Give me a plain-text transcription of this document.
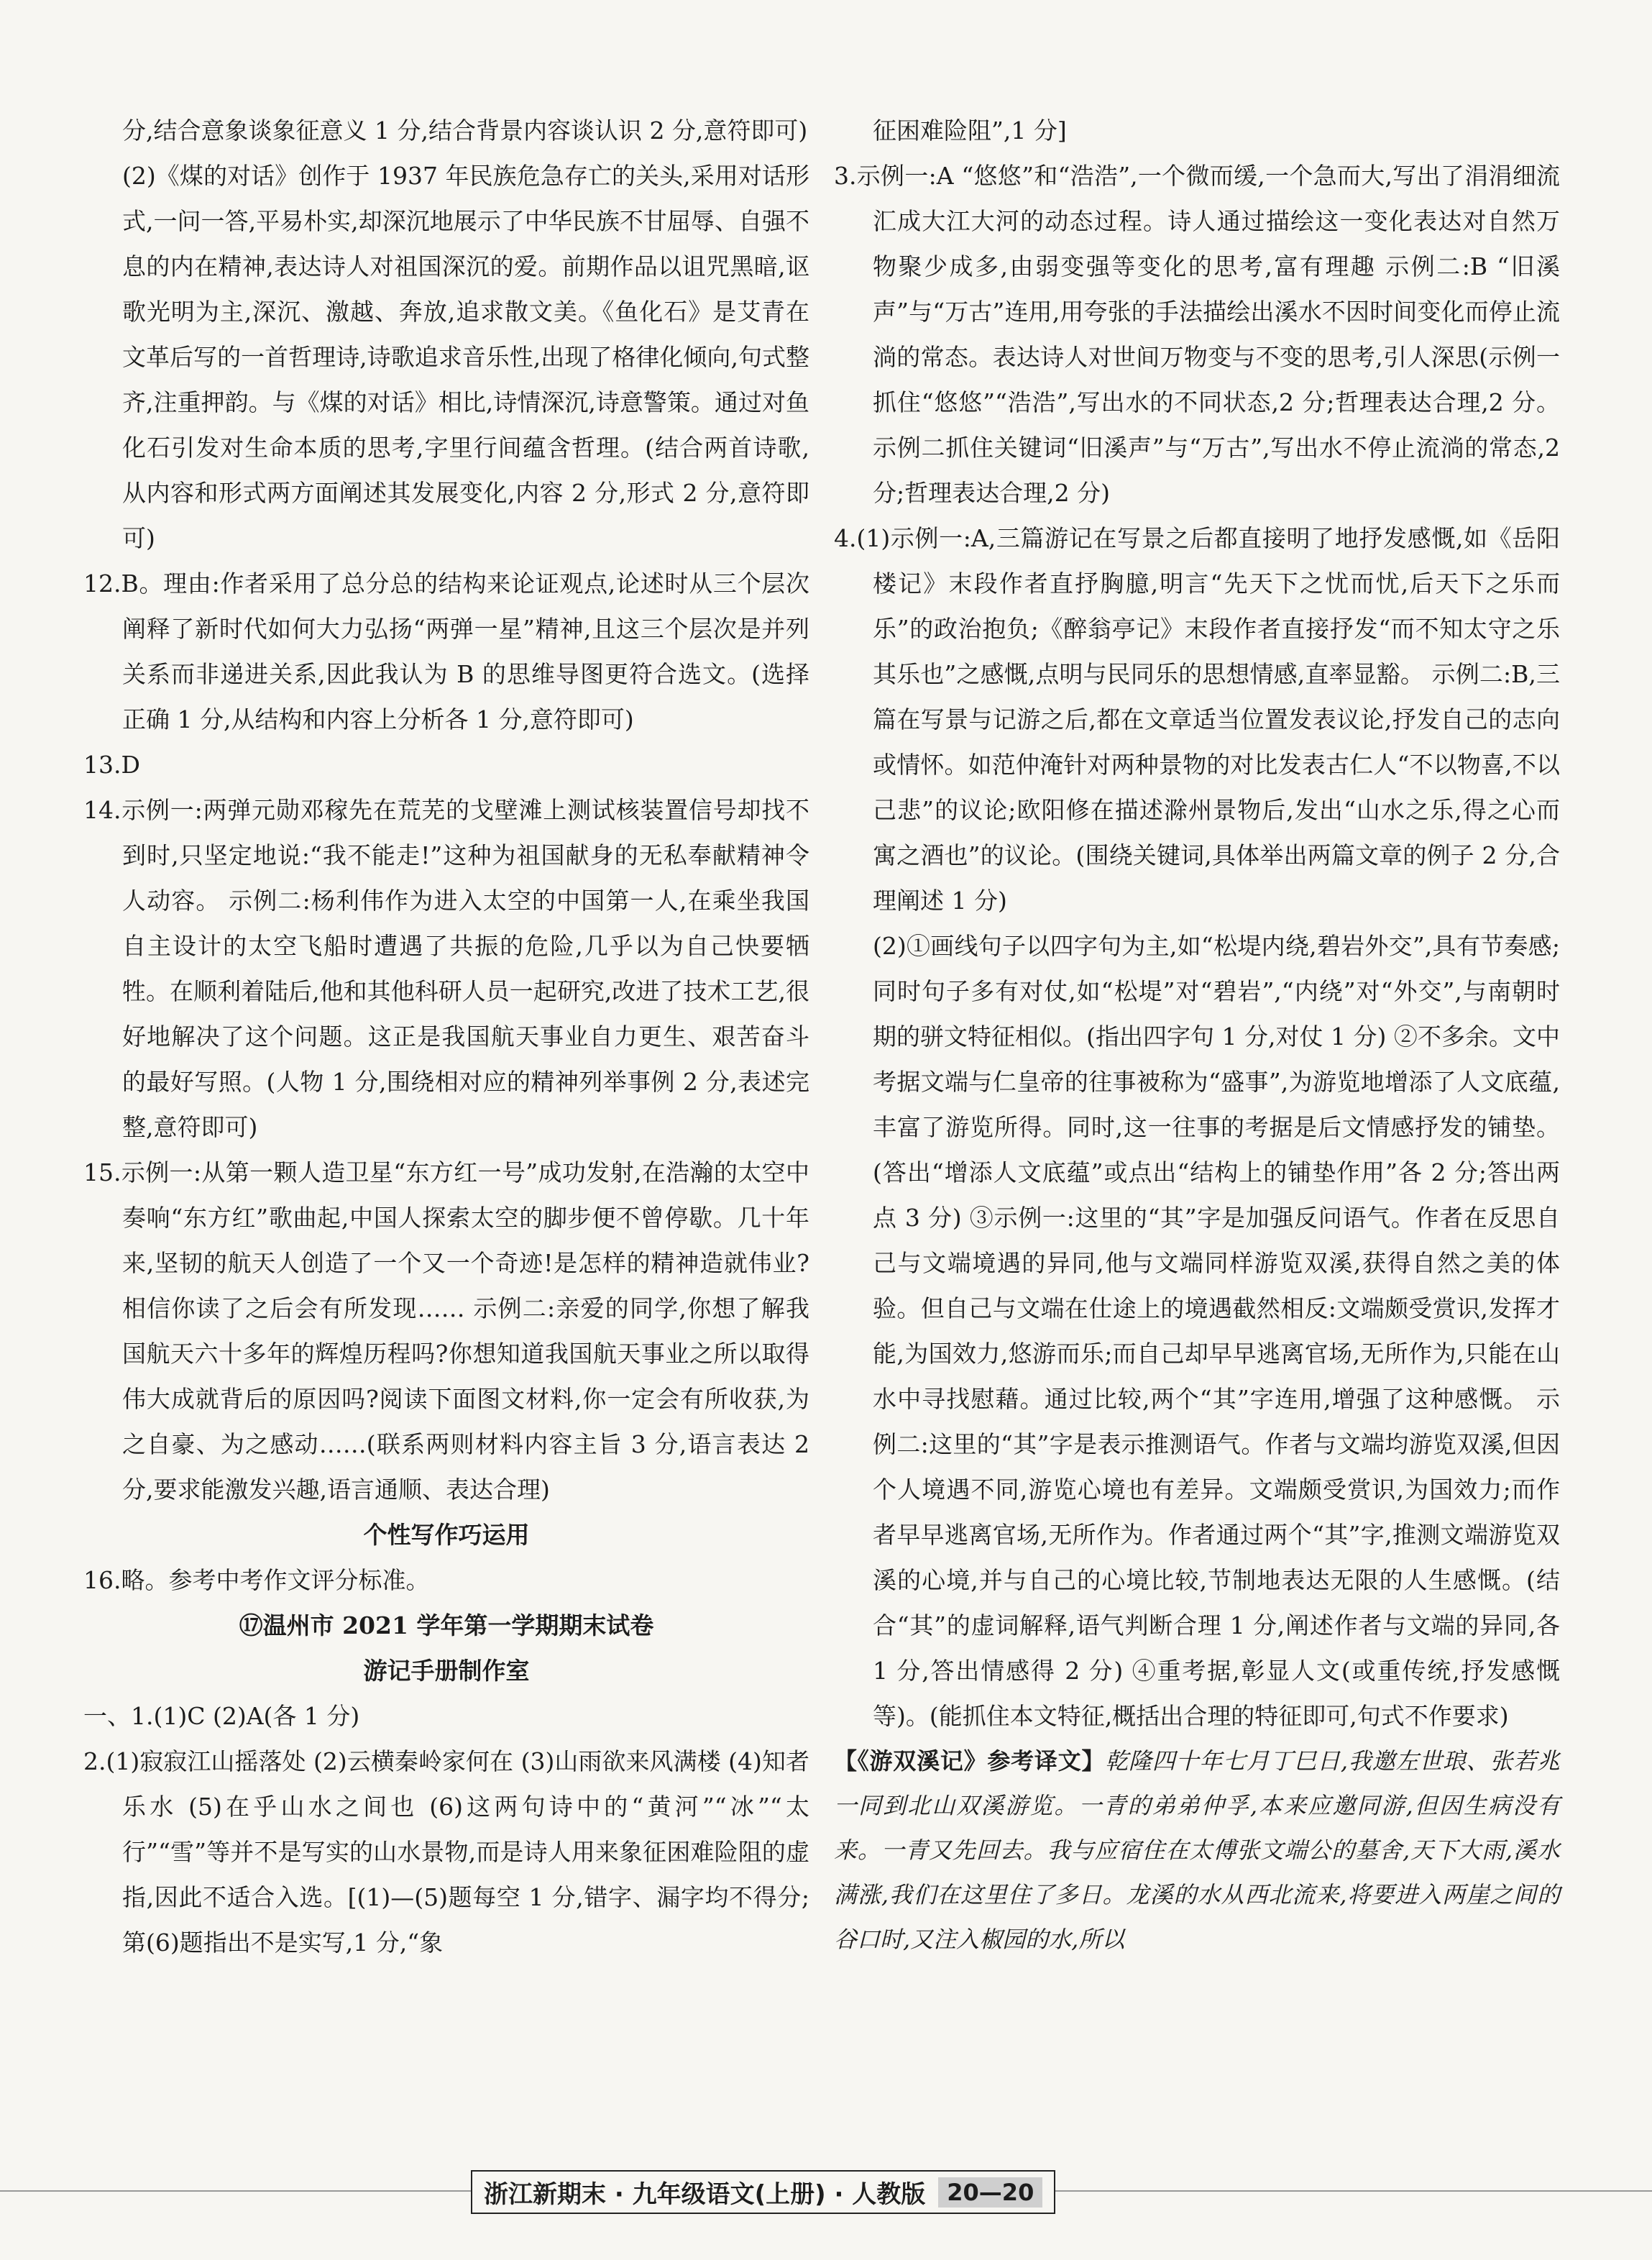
分,结合意象谈象征意义 1 分,结合背景内容谈认识 2 分,意符即可)

(2)《煤的对话》创作于 1937 年民族危急存亡的关头,采用对话形式,一问一答,平易朴实,却深沉地展示了中华民族不甘屈辱、自强不息的内在精神,表达诗人对祖国深沉的爱。前期作品以诅咒黑暗,讴歌光明为主,深沉、激越、奔放,追求散文美。《鱼化石》是艾青在文革后写的一首哲理诗,诗歌追求音乐性,出现了格律化倾向,句式整齐,注重押韵。与《煤的对话》相比,诗情深沉,诗意警策。通过对鱼化石引发对生命本质的思考,字里行间蕴含哲理。(结合两首诗歌,从内容和形式两方面阐述其发展变化,内容 2 分,形式 2 分,意符即可)

12.B。理由:作者采用了总分总的结构来论证观点,论述时从三个层次阐释了新时代如何大力弘扬“两弹一星”精神,且这三个层次是并列关系而非递进关系,因此我认为 B 的思维导图更符合选文。(选择正确 1 分,从结构和内容上分析各 1 分,意符即可)

13.D

14.示例一:两弹元勋邓稼先在荒芜的戈壁滩上测试核装置信号却找不到时,只坚定地说:“我不能走!”这种为祖国献身的无私奉献精神令人动容。 示例二:杨利伟作为进入太空的中国第一人,在乘坐我国自主设计的太空飞船时遭遇了共振的危险,几乎以为自己快要牺牲。在顺利着陆后,他和其他科研人员一起研究,改进了技术工艺,很好地解决了这个问题。这正是我国航天事业自力更生、艰苦奋斗的最好写照。(人物 1 分,围绕相对应的精神列举事例 2 分,表述完整,意符即可)

15.示例一:从第一颗人造卫星“东方红一号”成功发射,在浩瀚的太空中奏响“东方红”歌曲起,中国人探索太空的脚步便不曾停歇。几十年来,坚韧的航天人创造了一个又一个奇迹!是怎样的精神造就伟业?相信你读了之后会有所发现…… 示例二:亲爱的同学,你想了解我国航天六十多年的辉煌历程吗?你想知道我国航天事业之所以取得伟大成就背后的原因吗?阅读下面图文材料,你一定会有所收获,为之自豪、为之感动……(联系两则材料内容主旨 3 分,语言表达 2 分,要求能激发兴趣,语言通顺、表达合理)

个性写作巧运用

16.略。参考中考作文评分标准。

⑰温州市 2021 学年第一学期期末试卷

游记手册制作室

一、1.(1)C (2)A(各 1 分)

2.(1)寂寂江山摇落处 (2)云横秦岭家何在 (3)山雨欲来风满楼 (4)知者乐水 (5)在乎山水之间也 (6)这两句诗中的“黄河”“冰”“太行”“雪”等并不是写实的山水景物,而是诗人用来象征困难险阻的虚指,因此不适合入选。[(1)—(5)题每空 1 分,错字、漏字均不得分;第(6)题指出不是实写,1 分,“象

征困难险阻”,1 分]

3.示例一:A “悠悠”和“浩浩”,一个微而缓,一个急而大,写出了涓涓细流汇成大江大河的动态过程。诗人通过描绘这一变化表达对自然万物聚少成多,由弱变强等变化的思考,富有理趣 示例二:B “旧溪声”与“万古”连用,用夸张的手法描绘出溪水不因时间变化而停止流淌的常态。表达诗人对世间万物变与不变的思考,引人深思(示例一抓住“悠悠”“浩浩”,写出水的不同状态,2 分;哲理表达合理,2 分。示例二抓住关键词“旧溪声”与“万古”,写出水不停止流淌的常态,2 分;哲理表达合理,2 分)

4.(1)示例一:A,三篇游记在写景之后都直接明了地抒发感慨,如《岳阳楼记》末段作者直抒胸臆,明言“先天下之忧而忧,后天下之乐而乐”的政治抱负;《醉翁亭记》末段作者直接抒发“而不知太守之乐其乐也”之感慨,点明与民同乐的思想情感,直率显豁。 示例二:B,三篇在写景与记游之后,都在文章适当位置发表议论,抒发自己的志向或情怀。如范仲淹针对两种景物的对比发表古仁人“不以物喜,不以己悲”的议论;欧阳修在描述滁州景物后,发出“山水之乐,得之心而寓之酒也”的议论。(围绕关键词,具体举出两篇文章的例子 2 分,合理阐述 1 分)

(2)①画线句子以四字句为主,如“松堤内绕,碧岩外交”,具有节奏感;同时句子多有对仗,如“松堤”对“碧岩”,“内绕”对“外交”,与南朝时期的骈文特征相似。(指出四字句 1 分,对仗 1 分) ②不多余。文中考据文端与仁皇帝的往事被称为“盛事”,为游览地增添了人文底蕴,丰富了游览所得。同时,这一往事的考据是后文情感抒发的铺垫。(答出“增添人文底蕴”或点出“结构上的铺垫作用”各 2 分;答出两点 3 分) ③示例一:这里的“其”字是加强反问语气。作者在反思自己与文端境遇的异同,他与文端同样游览双溪,获得自然之美的体验。但自己与文端在仕途上的境遇截然相反:文端颇受赏识,发挥才能,为国效力,悠游而乐;而自己却早早逃离官场,无所作为,只能在山水中寻找慰藉。通过比较,两个“其”字连用,增强了这种感慨。 示例二:这里的“其”字是表示推测语气。作者与文端均游览双溪,但因个人境遇不同,游览心境也有差异。文端颇受赏识,为国效力;而作者早早逃离官场,无所作为。作者通过两个“其”字,推测文端游览双溪的心境,并与自己的心境比较,节制地表达无限的人生感慨。(结合“其”的虚词解释,语气判断合理 1 分,阐述作者与文端的异同,各 1 分,答出情感得 2 分) ④重考据,彰显人文(或重传统,抒发感慨等)。(能抓住本文特征,概括出合理的特征即可,句式不作要求)

【《游双溪记》参考译文】乾隆四十年七月丁巳日,我邀左世琅、张若兆一同到北山双溪游览。一青的弟弟仲孚,本来应邀同游,但因生病没有来。一青又先回去。我与应宿住在太傅张文端公的墓舍,天下大雨,溪水满涨,我们在这里住了多日。龙溪的水从西北流来,将要进入两崖之间的谷口时,又注入椒园的水,所以

浙江新期末 · 九年级语文(上册) · 人教版 20—20
